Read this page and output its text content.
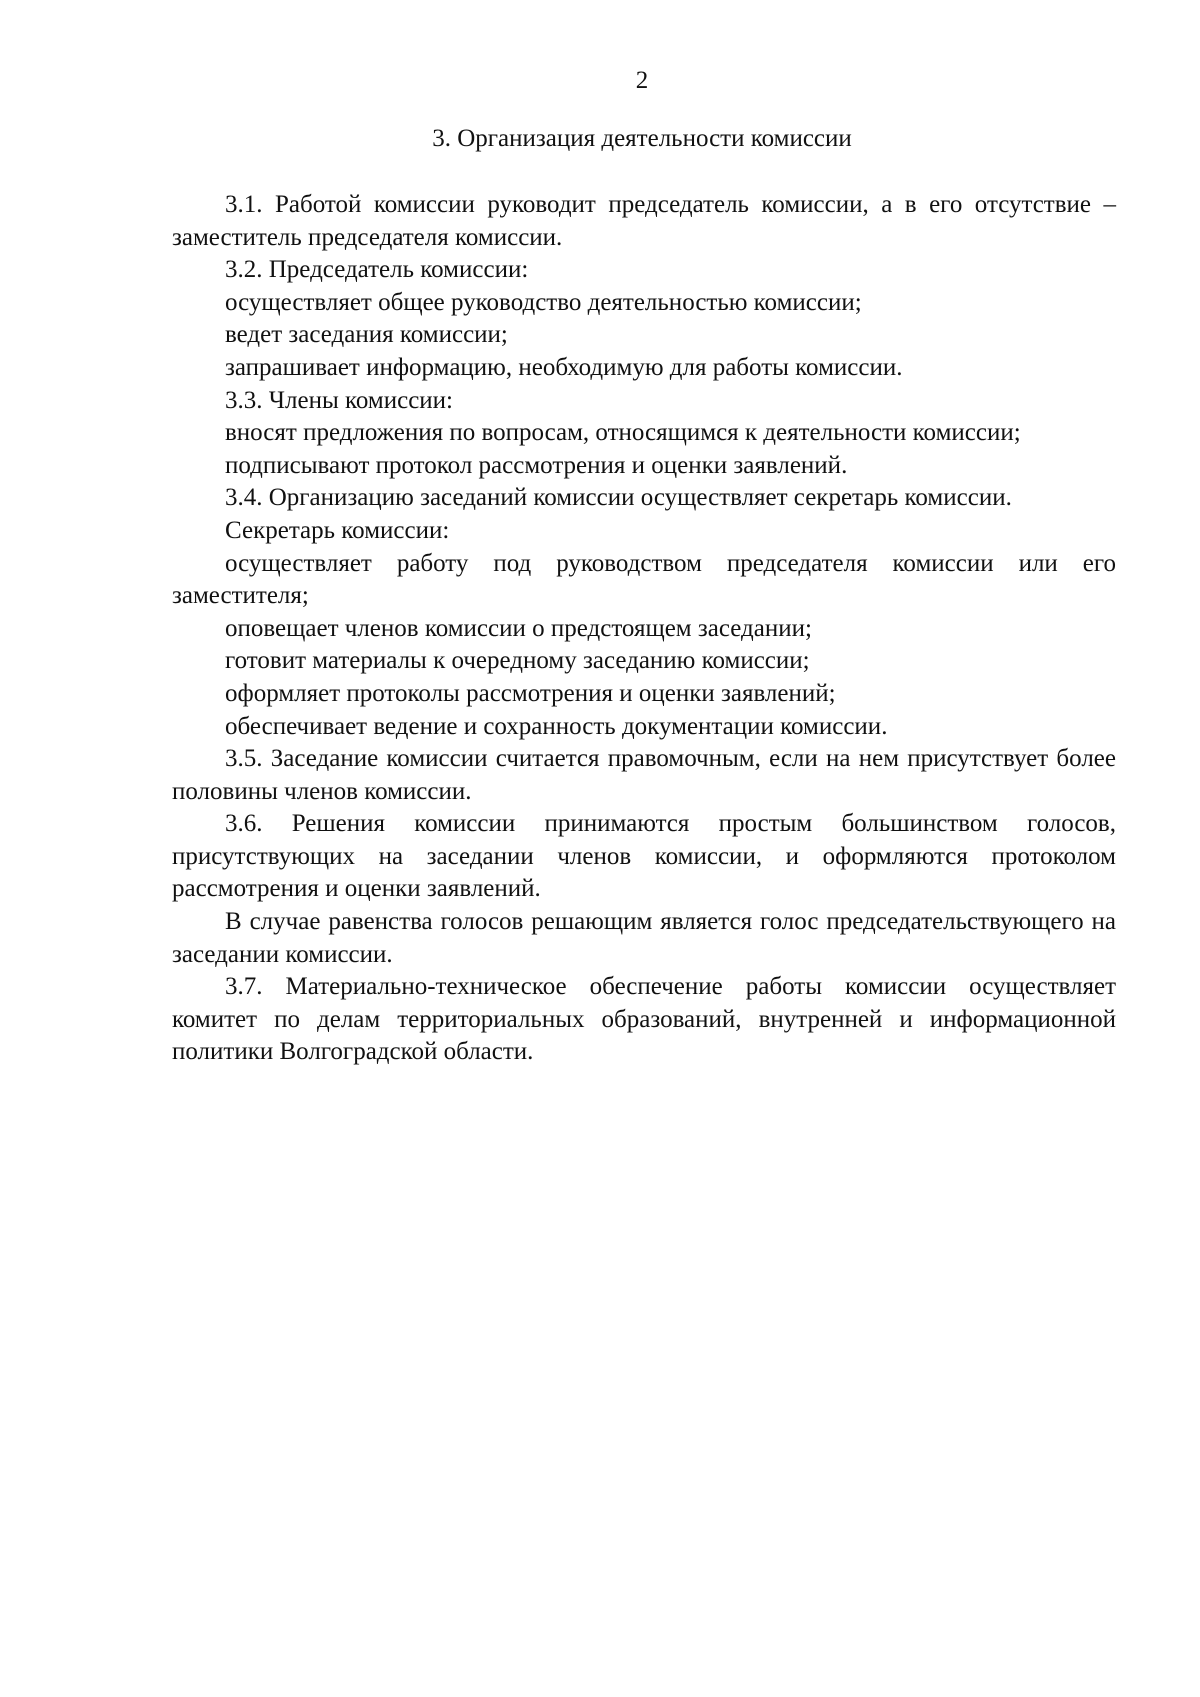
2
3. Организация деятельности комиссии

3.1. Работой комиссии руководит председатель комиссии, а в его отсутствие – заместитель председателя комиссии.

3.2. Председатель комиссии:

осуществляет общее руководство деятельностью комиссии;

ведет заседания комиссии;

запрашивает информацию, необходимую для работы комиссии.

3.3. Члены комиссии:

вносят предложения по вопросам, относящимся к деятельности комиссии;

подписывают протокол рассмотрения и оценки заявлений.

3.4. Организацию заседаний комиссии осуществляет секретарь комиссии.

Секретарь комиссии:

осуществляет работу под руководством председателя комиссии или его заместителя;

оповещает членов комиссии о предстоящем заседании;

готовит материалы к очередному заседанию комиссии;

оформляет протоколы рассмотрения и оценки заявлений;

обеспечивает ведение и сохранность документации комиссии.

3.5. Заседание комиссии считается правомочным, если на нем присутствует более половины членов комиссии.

3.6. Решения комиссии принимаются простым большинством голосов, присутствующих на заседании членов комиссии, и оформляются протоколом рассмотрения и оценки заявлений.

В случае равенства голосов решающим является голос председательствующего на заседании комиссии.

3.7. Материально-техническое обеспечение работы комиссии осуществляет комитет по делам территориальных образований, внутренней и информационной политики Волгоградской области.
